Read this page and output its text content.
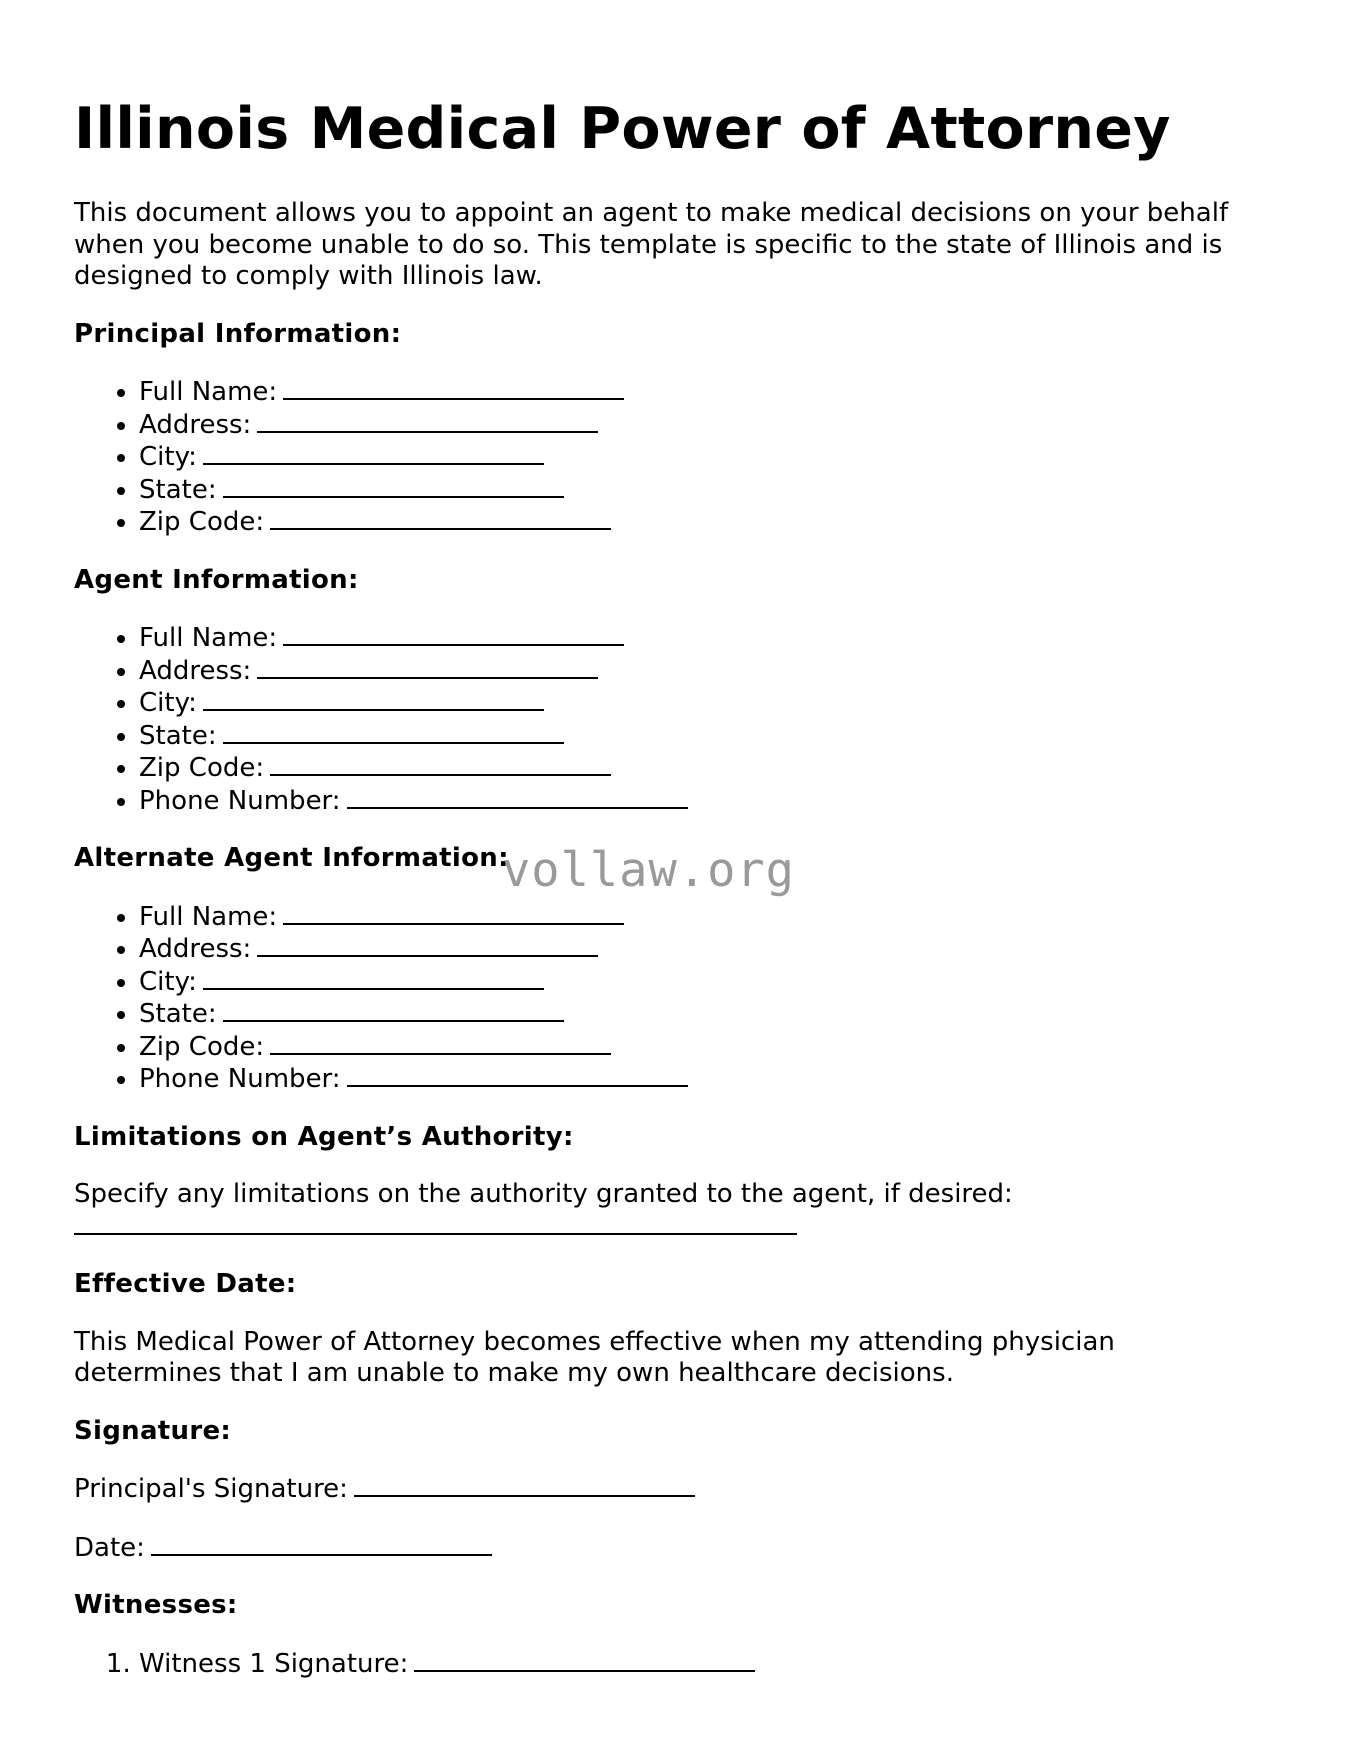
Illinois Medical Power of Attorney

This document allows you to appoint an agent to make medical decisions on your behalf when you become unable to do so. This template is specific to the state of Illinois and is designed to comply with Illinois law.

Principal Information:
• Full Name:
• Address:
• City:
• State:
• Zip Code:
Agent Information:
• Full Name:
• Address:
• City:
• State:
• Zip Code:
• Phone Number:
Alternate Agent Information:
• Full Name:
• Address:
• City:
• State:
• Zip Code:
• Phone Number:
Limitations on Agent’s Authority:

Specify any limitations on the authority granted to the agent, if desired:

Effective Date:

This Medical Power of Attorney becomes effective when my attending physician determines that I am unable to make my own healthcare decisions.

Signature:

Principal's Signature:

Date:

Witnesses:
1. Witness 1 Signature:
vollaw.org
